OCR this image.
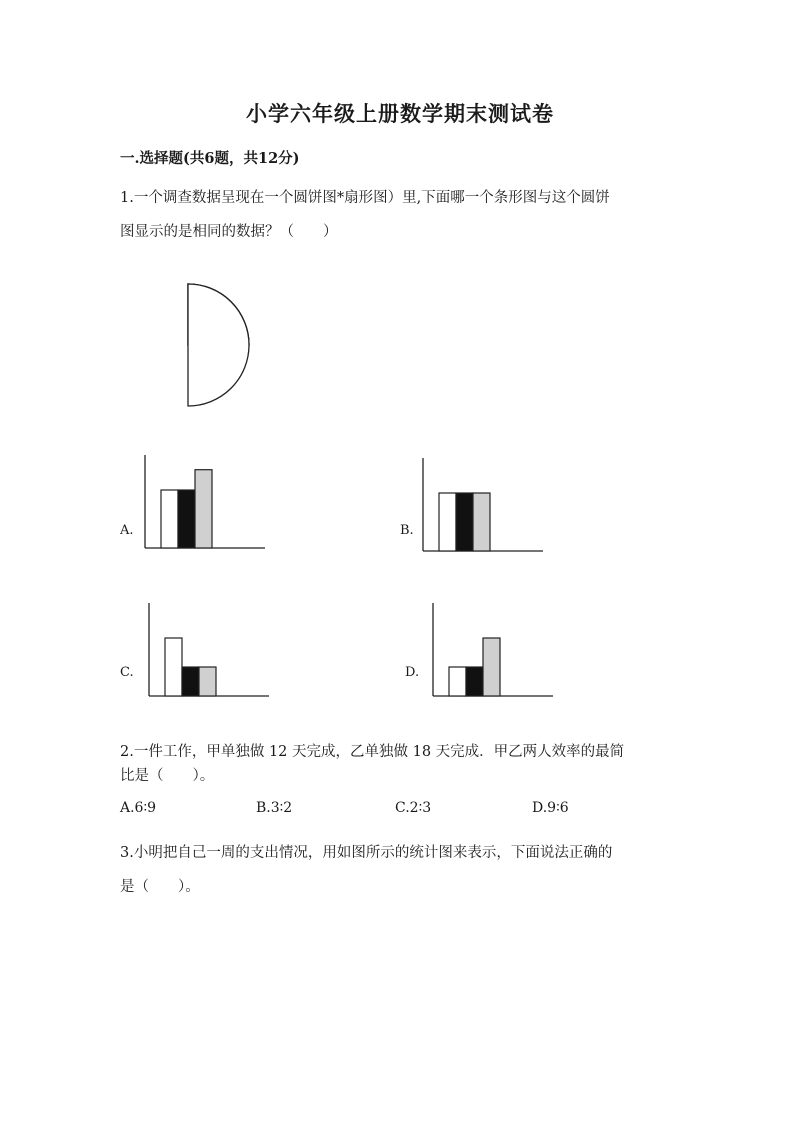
小学六年级上册数学期末测试卷
一.选择题(共6题，共12分)
1.一个调查数据呈现在一个圆饼图*扇形图）里,下面哪一个条形图与这个圆饼
图显示的是相同的数据？（　　）
A.	B.
C.	D.
2.一件工作，甲单独做 12 天完成，乙单独做 18 天完成．甲乙两人效率的最简
比是（　　）。
A.6∶9	B.3∶2	C.2∶3	D.9∶6
3.小明把自己一周的支出情况，用如图所示的统计图来表示，下面说法正确的
是（　　）。
